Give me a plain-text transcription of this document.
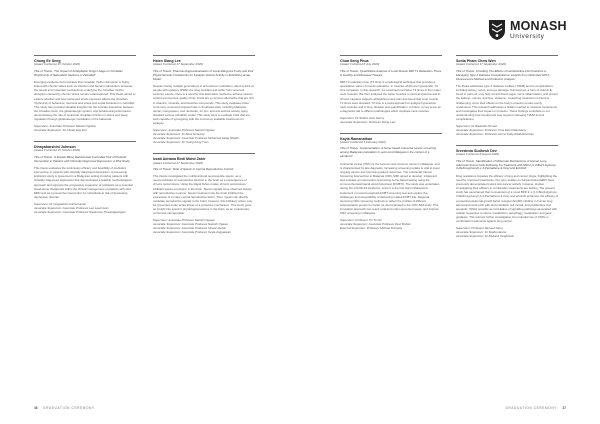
MONASH
University
Chong Ee Seng
(Award Conferred 15 October 2020)
Title of Thesis: 'The Impact of Antiepileptic Drugs Usage on Circadian Rhythmicity of Naturalistic Seizures in Zebrafish'

Emerging evidence demonstrates that circadian rhythm disruption is highly linked with chronic states such as infection and human malnutrition. However, the neural and molecular mechanisms underlying the circadian rhythm disruption caused by chronic stress remain underexplored. This thesis aimed to explore whether and how prolonged stress exposure affects the circadian rhythmicity of behaviour, neuronal and stress and social behaviour in zebrafish. This study has provided valuable insights into the intricate interaction between the circadian clock, the glutamatergic system, and behavioural performance, demonstrating the role of molecular circadian function in stress and sleep regulation through glutamatergic modulation of the habenula.

Supervisor: Associate Professor Satoshi Ogawa
Associate Supervisor: Dr Chuah Hay Fen
Dinayabarshini Johnson
(Award Conferred 15 October 2020)
Title of Thesis: 'A Double-Blind, Randomised Controlled Trial of Prebiotic Intervention in Patients with Clinically Diagnosed Depression: A Pilot Study'

This thesis evaluates the preliminary efficacy and feasibility of prebiotics intervention in patients with clinically diagnosed depression. A pioneering prebiotics study is presented in a Malaysian setting involving patients with clinically diagnosed depression that demonstrated a feasible methodological approach and supports the progressive expansion of prebiotics as a potential stand-alone therapeutic within the clinical management of patients with mild MDD and as a preventive intervention for individuals at risk of developing depressive disorder.

Supervisor: Dr Vengadesh Letchumanan
Associate Supervisor: Associate Professor Lee Learn-Han
Associate Supervisor: Associate Professor Sivakumar Thurairajasingam
Hsien Siang Lee
(Award Conferred 17 September 2020)
Title of Thesis: 'Pharmacological Evaluation of Local Mangrove Fruits and their Phytochemical Constituents for Synaptic Vesicle Activity in Zebrafish Larvae Model'

Despite having multiple generations of anti-seizure medication, about a third of people with epilepsy (PWE) are drug resistant and suffer from recurrent seizures. Hence, there is a need for this alternative method to achieve seizure control and improve quality of life. Fruits are a common alternative that are rich in vitamins, minerals, and bioactive compounds. This study evaluates three commonly consumed tropical fruits in Southeast Asia, including Malaysia: durian, mangosteen, and rambutan, for pro- and anti-seizure activity using standard seizure zebrafish model. This study aims to evaluate fruits that are both capable of synergising with the commonly available treatments for epilepsy.

Supervisor: Associate Professor Satoshi Ogawa
Associate Supervisor: Dr Alina Arulsamy
Associate Supervisor: Associate Professor Mohamed Faiqq Shaikh
Associate Supervisor: Dr Yeong Keng Yoon
Izzati Adriana Binti Mohd Zahir
(Award Conferred 17 September 2020)
Title of Thesis: 'Role of Spexin in Central Reproductive Control'

This thesis investigates the multifunctional neuropeptide spexin, as a neuromodulator of reproductive function in the brain as a consequence of chronic social stress. Using the tilapia fishes model, chronic social stress inhibited spexin-a receptor in the brain. Spexin signals were observed closely with reproductive neurons. Spexin treatment into the brain inhibited the expression of a major central reproductive factor. Thus, spexin can directly modulate reproductive signals in the brain; however, this inhibitory action may be prevented under acute stress or a protective mechanism. This study gives an insight into spexin's physiological actions in the brain, as an evolutionary conserved neuropeptide.

Supervisor: Associate Professor Satoshi Ogawa
Associate Supervisor: Associate Professor Satoshi Ogawa
Associate Supervisor: Associate Professor Ishwar Parhar
Associate Supervisor: Associate Professor Keyla Anggarwan
Chua Seng Phua
(Award Conferred 8 July 2020)
Title of Thesis: 'Quantitative Analysis of Local Muscle MRI T2 Relaxation Times in Healthy and Diseased Tissues'

MRI T2 relaxation time (T2 time) is a radiological technique that provides a quantitative value of muscle relaxation. In muscles which are hyperacidic, T2 time increases. In this research, we examined normative T2 times in four major neck muscles. We then analysed the same muscles in cervical dystonia and in chronic migraine subjects with/without neck pain and found that most muscle T2 times were elevated. T2 time is a rapid approach to analyse hyperactive neck muscles and in time, disease and quantification. In future, it may serve as a diagnostic aid to different pathologies which implicate neck muscles.

Supervisor: Dr Shalini Jane Heimy
Associate Supervisor: Professor Meng Law
Kayla Ramanathan
(Award Conferred 5 February 2020)
Title of Thesis: 'Implementation of home-based colorectal cancer screening among Malaysian population in semi-rural Malaysia in the context of a pandemic'

Colorectal cancer (CRC) is the second most common cancer in Malaysia, and is characterised by late diagnosis, increasing screening uptake is vital to lower ongoing cancer and improving patient outcomes. The Colorectal Cancer Screening Intervention in Malaysia (CRC-SIM) aimed to develop, implement and evaluate an intervention (promoting home-based testing using the immunochemical faecal occult blood test (iFOBT)). The study was undertaken during the COVID-19 pandemic, since it is the first trial in Malaysia to implement or retest household iFOBT screening test and explore the challenges and acceptability of delivering mailed iFOBT kits. Regional stemming CRC screening methods to reflect the profiles of different subpopulation groups is crucial, as demonstrated in the CRC-SIM study. This innovative approach can reach rural and under resourced areas, and improve CRC screening in Malaysia.

Supervisor: Professor Tin Tin Su
Associate Supervisor: Associate Professor Devi Mohan
External Supervisor: Professor Michael Donnelly
Sonia Pham Chew Wen
(Award Conferred 17 September 2020)
Title of Thesis: 'Unveiling The Effects of Lactobacillus-Fish Fractions in Managing Type 2 Diabetes Complications: Insights from Optimized HPLC Fluorescence Method and Proteomic Analysis'

The thesis addresses type 2 diabetes mellitus (T2DM) and its complications, including kidney, nerve, and eye damage. Sucrosomes, a form of vitamin E found in palm oil, may help control blood sugar, nerve inflammation, and protect the kidneys, nerves, and liver. However, measuring tocotrienol in blood is challenging, since their effects on the body's proteins remain poorly understood. This research addresses a hidden method to measure tocotrienols and investigates their impact on proteins. These findings contribute to our understanding how tocotrienols may support managing T2DM and its complications.

Supervisor: Dr Badariah Ahmad
Associate Supervisor: Professor Uma Devi Palanisamy
Associate Supervisor: Professor Ammu Kutty Radhakrishnan
Sreedevia Sudhesh Dev
(Award Conferred 6 August 2020)
Title of Thesis: 'Identification of Molecular Mechanisms of Human Lung Adenocarcinoma Cells Following Co-Treatment with NSC2 [1,3-Bis(4-Hydroxy-3-Methoxyphenyl)-1,4-Pentadiene-3-One] and Erlotinib'

Drug resistance impedes the efficacy of lung and cancer drugs, highlighting the need for improved treatments. Our prior studies on Sarpanchoka (EBP) have previously demonstrated potent anti-cancer activity, however, studies investigating their efficacy in combination treatments are lacking. The present study has ascertained that co-treatment of a novel BKD 3-1 (1,3-Bis(4-Hydroxy-3-Methoxyphenyl)-1,4-Pentadiene-3-One) and erlotinib enhances the efficacy of a potential epidermal growth factor receptor (EGFR) inhibitor in human lung adenocarcinoma cells with demonstration cell-mortal, anti-proliferative and apoptotic. Whilst possible as modulation of signalling pathways associated with cellular responses to stress, metabolism, autophagy, metabolism and gene guidance. This warrant further investigation into potential use of CNPs in combination treatments against lung cancer.

Supervisor: Professor Ramesh Mout
Associate Supervisor: Dr Syafiq Hanna
Associate Supervisor: Dr Rishanti Tangkoban
36 GRADUATION CEREMONY	GRADUATION CEREMONY 37
